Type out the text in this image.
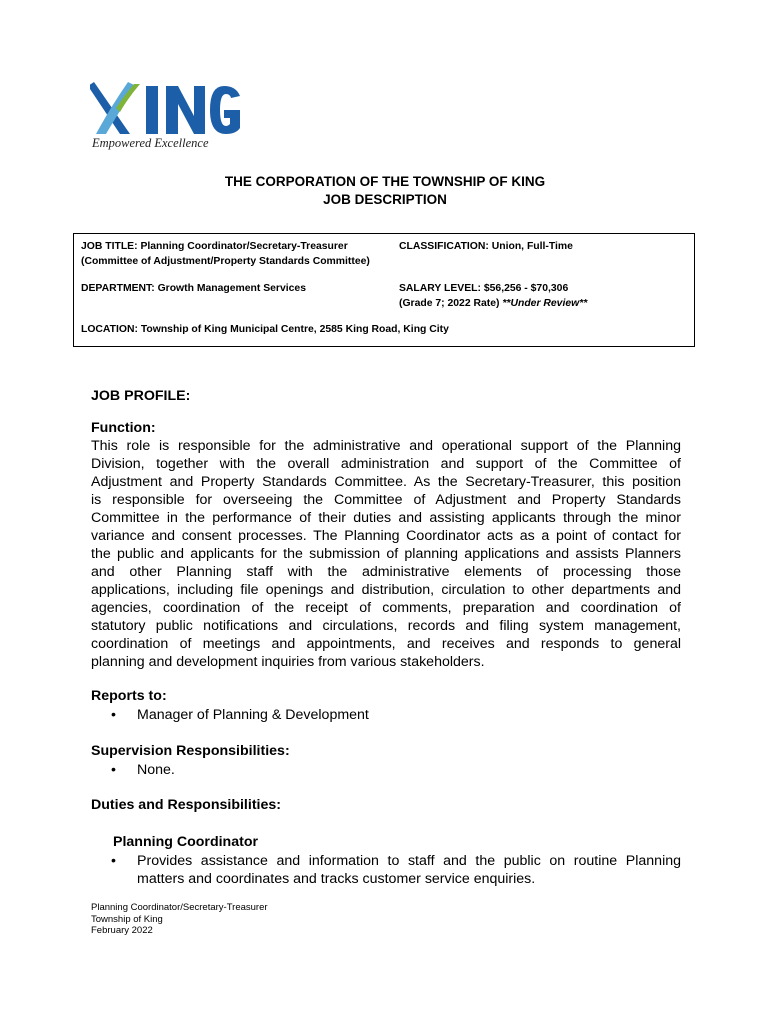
Empowered Excellence
THE CORPORATION OF THE TOWNSHIP OF KING
JOB DESCRIPTION
JOB TITLE: Planning Coordinator/Secretary-Treasurer
(Committee of Adjustment/Property Standards Committee)
CLASSIFICATION: Union, Full-Time
DEPARTMENT: Growth Management Services	SALARY LEVEL: $56,256 - $70,306
(Grade 7; 2022 Rate) **Under Review**
LOCATION: Township of King Municipal Centre, 2585 King Road, King City
JOB PROFILE:
Function:
This role is responsible for the administrative and operational support of the Planning
Division, together with the overall administration and support of the Committee of
Adjustment and Property Standards Committee. As the Secretary-Treasurer, this position
is responsible for overseeing the Committee of Adjustment and Property Standards
Committee in the performance of their duties and assisting applicants through the minor
variance and consent processes. The Planning Coordinator acts as a point of contact for
the public and applicants for the submission of planning applications and assists Planners
and other Planning staff with the administrative elements of processing those
applications, including file openings and distribution, circulation to other departments and
agencies, coordination of the receipt of comments, preparation and coordination of
statutory public notifications and circulations, records and filing system management,
coordination of meetings and appointments, and receives and responds to general
planning and development inquiries from various stakeholders.
Reports to:
• Manager of Planning & Development
Supervision Responsibilities:
• None.
Duties and Responsibilities:
Planning Coordinator
• Provides assistance and information to staff and the public on routine Planning
matters and coordinates and tracks customer service enquiries.
Planning Coordinator/Secretary-Treasurer
Township of King
February 2022
